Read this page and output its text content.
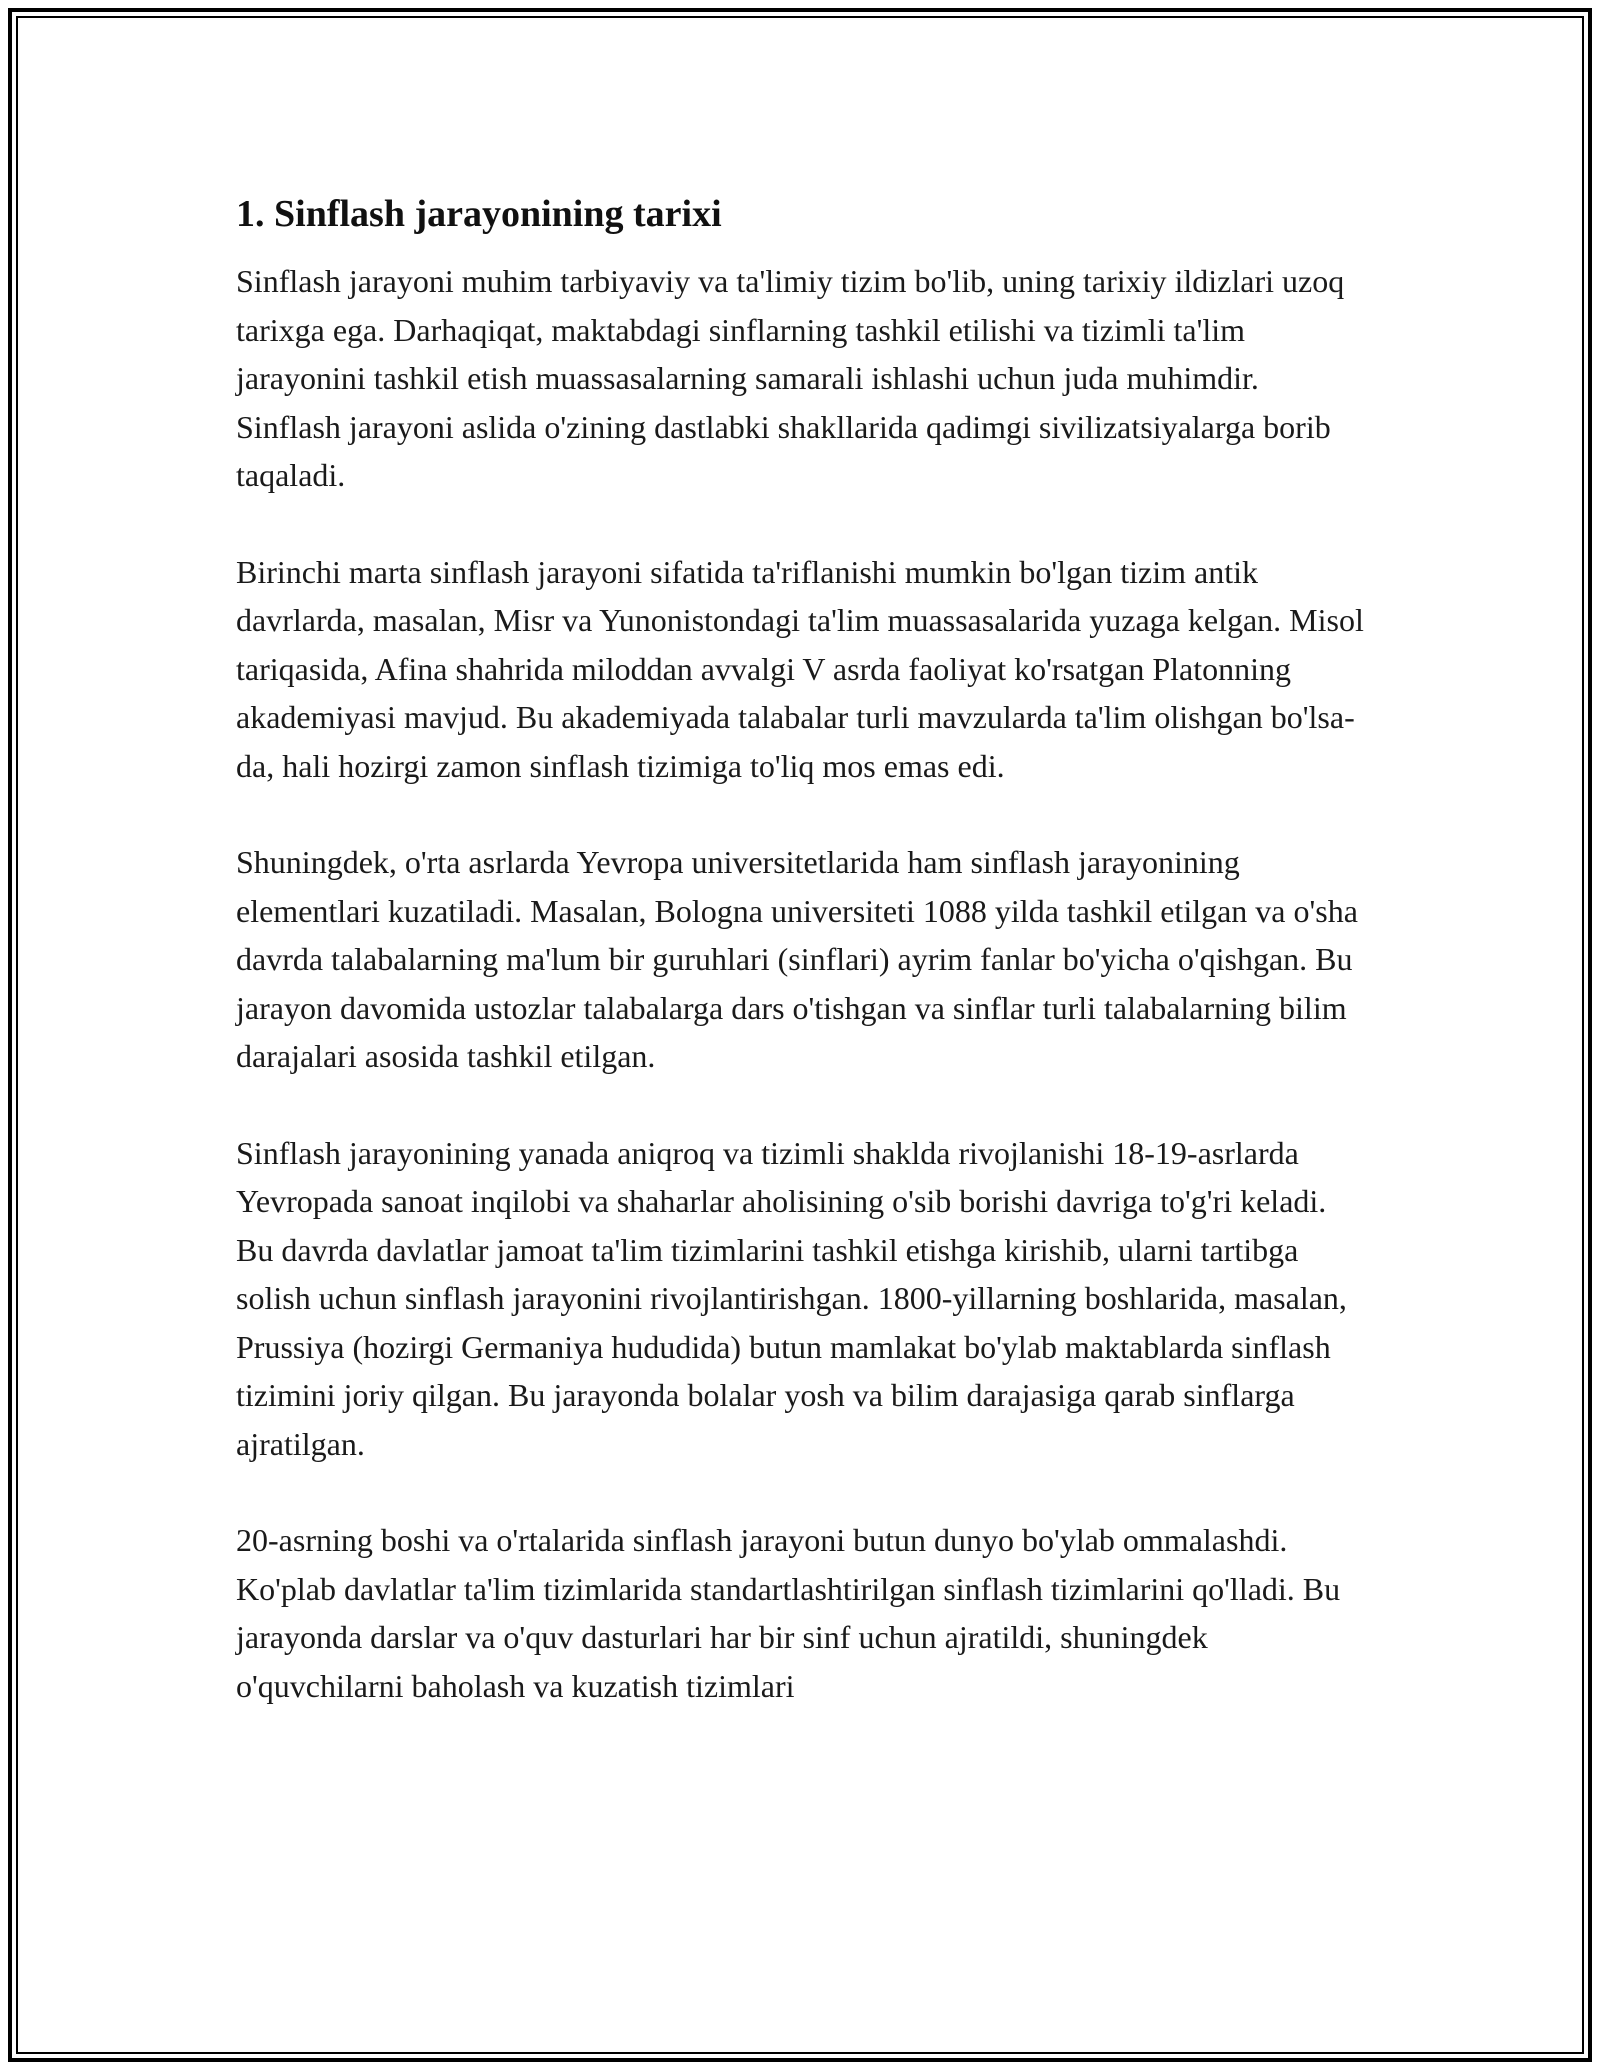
1. Sinflash jarayonining tarixi

Sinflash jarayoni muhim tarbiyaviy va ta'limiy tizim bo'lib, uning tarixiy ildizlari uzoq tarixga ega. Darhaqiqat, maktabdagi sinflarning tashkil etilishi va tizimli ta'lim jarayonini tashkil etish muassasalarning samarali ishlashi uchun juda muhimdir. Sinflash jarayoni aslida o'zining dastlabki shakllarida qadimgi sivilizatsiyalarga borib taqaladi.

Birinchi marta sinflash jarayoni sifatida ta'riflanishi mumkin bo'lgan tizim antik davrlarda, masalan, Misr va Yunonistondagi ta'lim muassasalarida yuzaga kelgan. Misol tariqasida, Afina shahrida miloddan avvalgi V asrda faoliyat ko'rsatgan Platonning akademiyasi mavjud. Bu akademiyada talabalar turli mavzularda ta'lim olishgan bo'lsa-da, hali hozirgi zamon sinflash tizimiga to'liq mos emas edi.

Shuningdek, o'rta asrlarda Yevropa universitetlarida ham sinflash jarayonining elementlari kuzatiladi. Masalan, Bologna universiteti 1088 yilda tashkil etilgan va o'sha davrda talabalarning ma'lum bir guruhlari (sinflari) ayrim fanlar bo'yicha o'qishgan. Bu jarayon davomida ustozlar talabalarga dars o'tishgan va sinflar turli talabalarning bilim darajalari asosida tashkil etilgan.

Sinflash jarayonining yanada aniqroq va tizimli shaklda rivojlanishi 18-19-asrlarda Yevropada sanoat inqilobi va shaharlar aholisining o'sib borishi davriga to'g'ri keladi. Bu davrda davlatlar jamoat ta'lim tizimlarini tashkil etishga kirishib, ularni tartibga solish uchun sinflash jarayonini rivojlantirishgan. 1800-yillarning boshlarida, masalan, Prussiya (hozirgi Germaniya hududida) butun mamlakat bo'ylab maktablarda sinflash tizimini joriy qilgan. Bu jarayonda bolalar yosh va bilim darajasiga qarab sinflarga ajratilgan.

20-asrning boshi va o'rtalarida sinflash jarayoni butun dunyo bo'ylab ommalashdi. Ko'plab davlatlar ta'lim tizimlarida standartlashtirilgan sinflash tizimlarini qo'lladi. Bu jarayonda darslar va o'quv dasturlari har bir sinf uchun ajratildi, shuningdek o'quvchilarni baholash va kuzatish tizimlari
